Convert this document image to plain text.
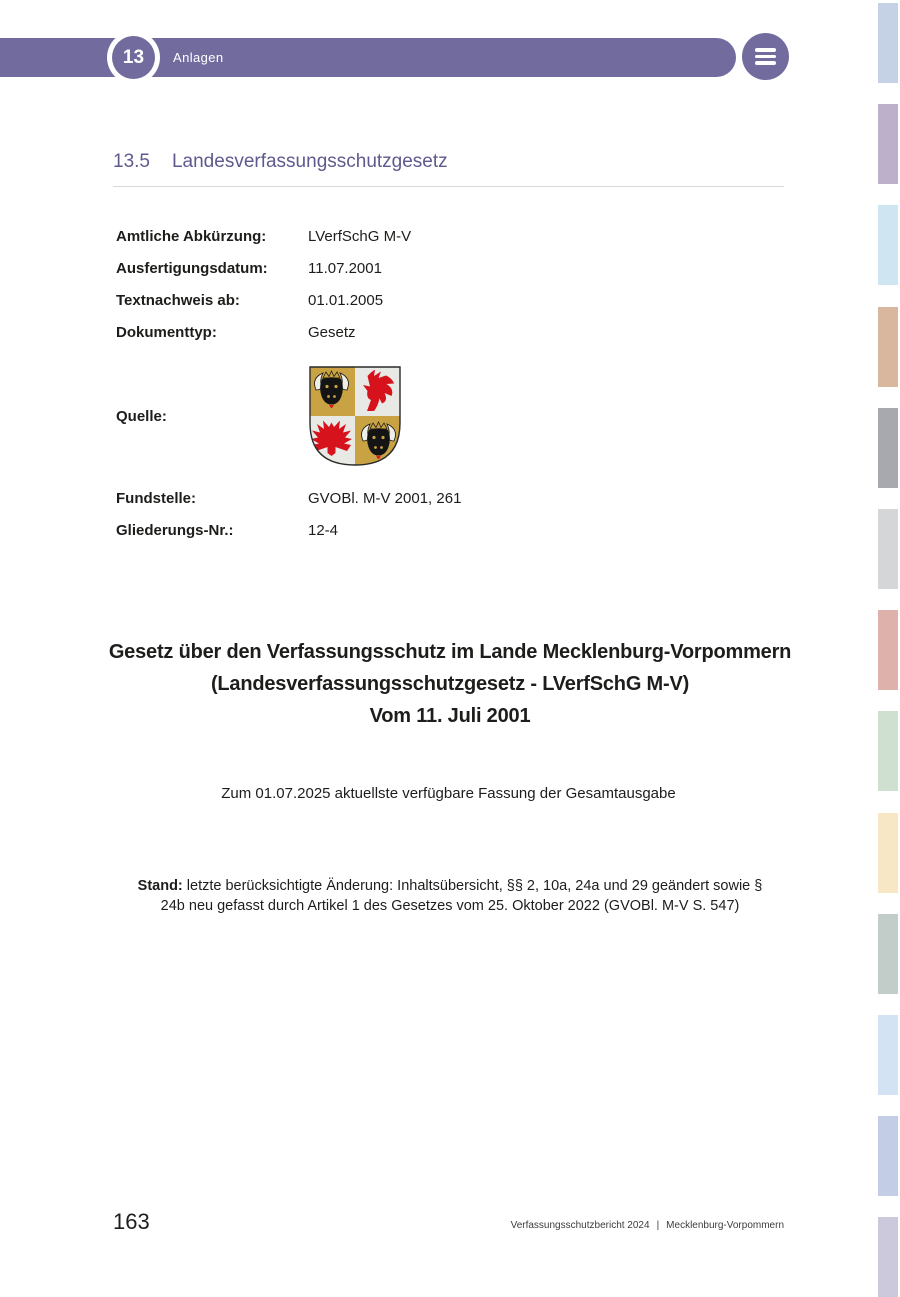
13	Anlagen
13.5 Landesverfassungsschutzgesetz
Amtliche Abkürzung:	LVerfSchG M-V
Ausfertigungsdatum:	11.07.2001
Textnachweis ab:	01.01.2005
Dokumenttyp:	Gesetz
Quelle:
Fundstelle:	GVOBl. M-V 2001, 261
Gliederungs-Nr.:	12-4
Gesetz über den Verfassungsschutz im Lande Mecklenburg-Vorpommern
(Landesverfassungsschutzgesetz - LVerfSchG M-V)
Vom 11. Juli 2001
Zum 01.07.2025 aktuellste verfügbare Fassung der Gesamtausgabe

Stand: letzte berücksichtigte Änderung: Inhaltsübersicht, §§ 2, 10a, 24a und 29 geändert sowie § 24b neu gefasst durch Artikel 1 des Gesetzes vom 25. Oktober 2022 (GVOBl. M-V S. 547)

163	Verfassungsschutzbericht 2024 | Mecklenburg-Vorpommern
